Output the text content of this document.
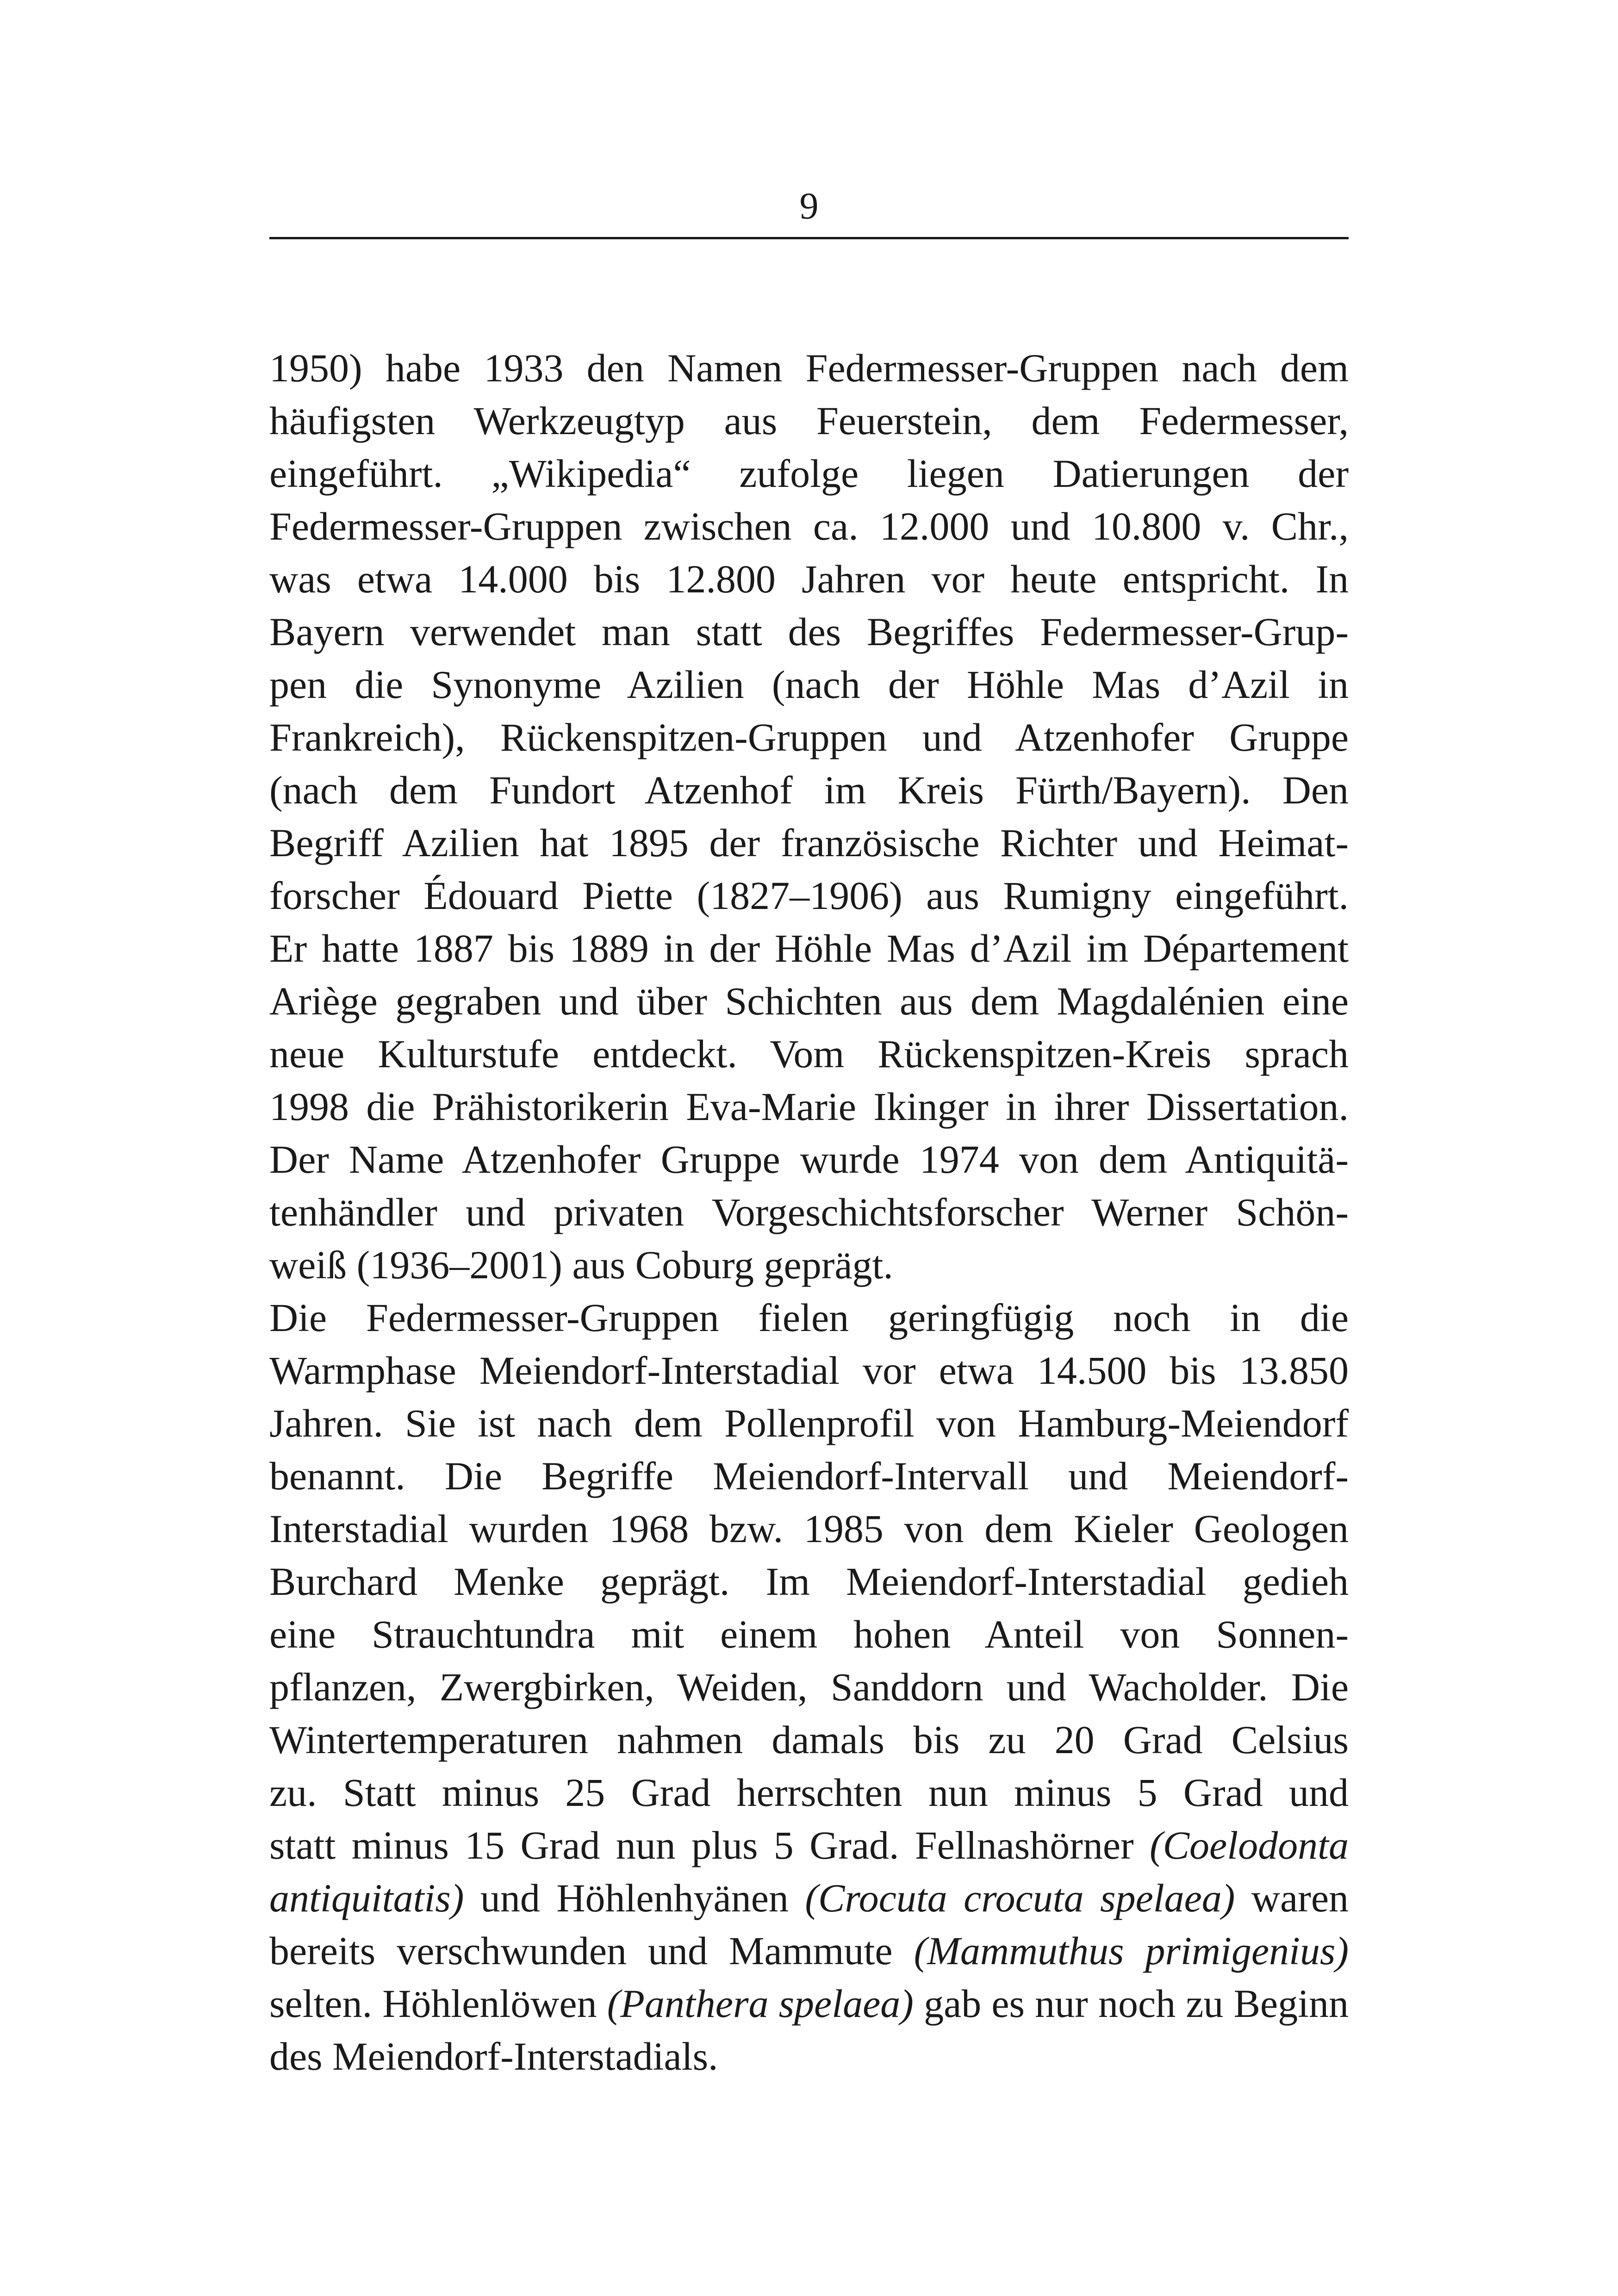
9
1950) habe 1933 den Namen Federmesser-Gruppen nach dem
häufigsten Werkzeugtyp aus Feuerstein, dem Federmesser,
eingeführt. „Wikipedia“ zufolge liegen Datierungen der
Federmesser-Gruppen zwischen ca. 12.000 und 10.800 v. Chr.,
was etwa 14.000 bis 12.800 Jahren vor heute entspricht. In
Bayern verwendet man statt des Begriffes Federmesser-Grup-
pen die Synonyme Azilien (nach der Höhle Mas d’Azil in
Frankreich), Rückenspitzen-Gruppen und Atzenhofer Gruppe
(nach dem Fundort Atzenhof im Kreis Fürth/Bayern). Den
Begriff Azilien hat 1895 der französische Richter und Heimat-
forscher Édouard Piette (1827–1906) aus Rumigny eingeführt.
Er hatte 1887 bis 1889 in der Höhle Mas d’Azil im Département
Ariège gegraben und über Schichten aus dem Magdalénien eine
neue Kulturstufe entdeckt. Vom Rückenspitzen-Kreis sprach
1998 die Prähistorikerin Eva-Marie Ikinger in ihrer Dissertation.
Der Name Atzenhofer Gruppe wurde 1974 von dem Antiquitä-
tenhändler und privaten Vorgeschichtsforscher Werner Schön-
weiß (1936–2001) aus Coburg geprägt.
Die Federmesser-Gruppen fielen geringfügig noch in die
Warmphase Meiendorf-Interstadial vor etwa 14.500 bis 13.850
Jahren. Sie ist nach dem Pollenprofil von Hamburg-Meiendorf
benannt. Die Begriffe Meiendorf-Intervall und Meiendorf-
Interstadial wurden 1968 bzw. 1985 von dem Kieler Geologen
Burchard Menke geprägt. Im Meiendorf-Interstadial gedieh
eine Strauchtundra mit einem hohen Anteil von Sonnen-
pflanzen, Zwergbirken, Weiden, Sanddorn und Wacholder. Die
Wintertemperaturen nahmen damals bis zu 20 Grad Celsius
zu. Statt minus 25 Grad herrschten nun minus 5 Grad und
statt minus 15 Grad nun plus 5 Grad. Fellnashörner (Coelodonta
antiquitatis) und Höhlenhyänen (Crocuta crocuta spelaea) waren
bereits verschwunden und Mammute (Mammuthus primigenius)
selten. Höhlenlöwen (Panthera spelaea) gab es nur noch zu Beginn
des Meiendorf-Interstadials.
